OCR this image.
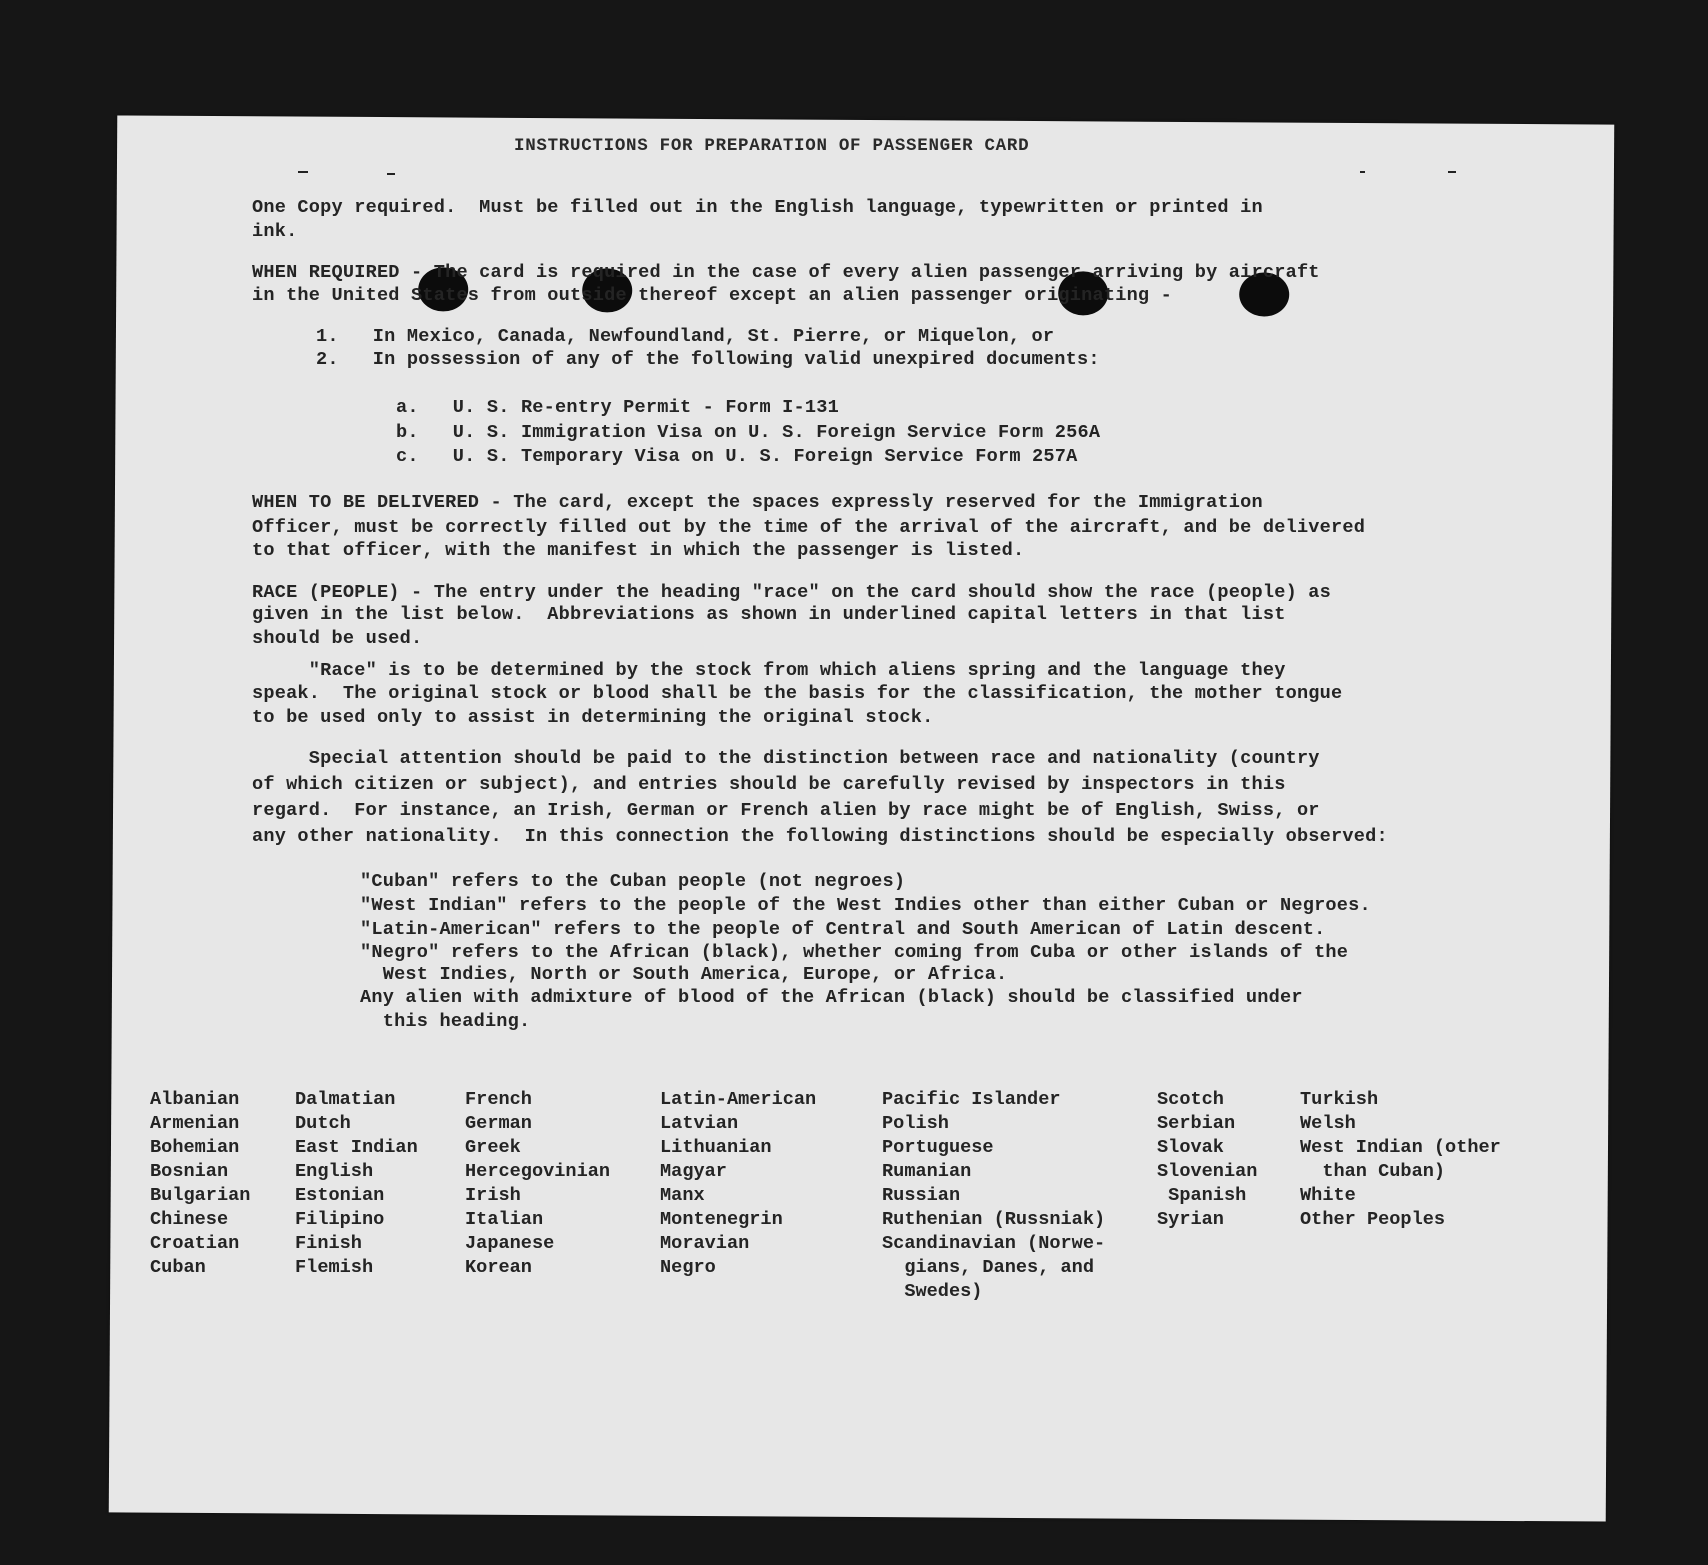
INSTRUCTIONS FOR PREPARATION OF PASSENGER CARD
One Copy required.  Must be filled out in the English language, typewritten or printed in
ink.
WHEN REQUIRED - The card is required in the case of every alien passenger arriving by aircraft
in the United States from outside thereof except an alien passenger originating -
1.   In Mexico, Canada, Newfoundland, St. Pierre, or Miquelon, or
2.   In possession of any of the following valid unexpired documents:
a.   U. S. Re-entry Permit - Form I-131
b.   U. S. Immigration Visa on U. S. Foreign Service Form 256A
c.   U. S. Temporary Visa on U. S. Foreign Service Form 257A
WHEN TO BE DELIVERED - The card, except the spaces expressly reserved for the Immigration
Officer, must be correctly filled out by the time of the arrival of the aircraft, and be delivered
to that officer, with the manifest in which the passenger is listed.
RACE (PEOPLE) - The entry under the heading "race" on the card should show the race (people) as
given in the list below.  Abbreviations as shown in underlined capital letters in that list
should be used.
"Race" is to be determined by the stock from which aliens spring and the language they
speak.  The original stock or blood shall be the basis for the classification, the mother tongue
to be used only to assist in determining the original stock.
Special attention should be paid to the distinction between race and nationality (country
of which citizen or subject), and entries should be carefully revised by inspectors in this
regard.  For instance, an Irish, German or French alien by race might be of English, Swiss, or
any other nationality.  In this connection the following distinctions should be especially observed:
"Cuban" refers to the Cuban people (not negroes)
"West Indian" refers to the people of the West Indies other than either Cuban or Negroes.
"Latin-American" refers to the people of Central and South American of Latin descent.
"Negro" refers to the African (black), whether coming from Cuba or other islands of the
West Indies, North or South America, Europe, or Africa.
Any alien with admixture of blood of the African (black) should be classified under
this heading.
Albanian
Armenian
Bohemian
Bosnian
Bulgarian
Chinese
Croatian
Cuban
Dalmatian
Dutch
East Indian
English
Estonian
Filipino
Finish
Flemish
French
German
Greek
Hercegovinian
Irish
Italian
Japanese
Korean
Latin-American
Latvian
Lithuanian
Magyar
Manx
Montenegrin
Moravian
Negro
Pacific Islander
Polish
Portuguese
Rumanian
Russian
Ruthenian (Russniak)
Scandinavian (Norwe-
gians, Danes, and
Swedes)
Scotch
Serbian
Slovak
Slovenian
Spanish
Syrian
Turkish
Welsh
West Indian (other
than Cuban)
White
Other Peoples
